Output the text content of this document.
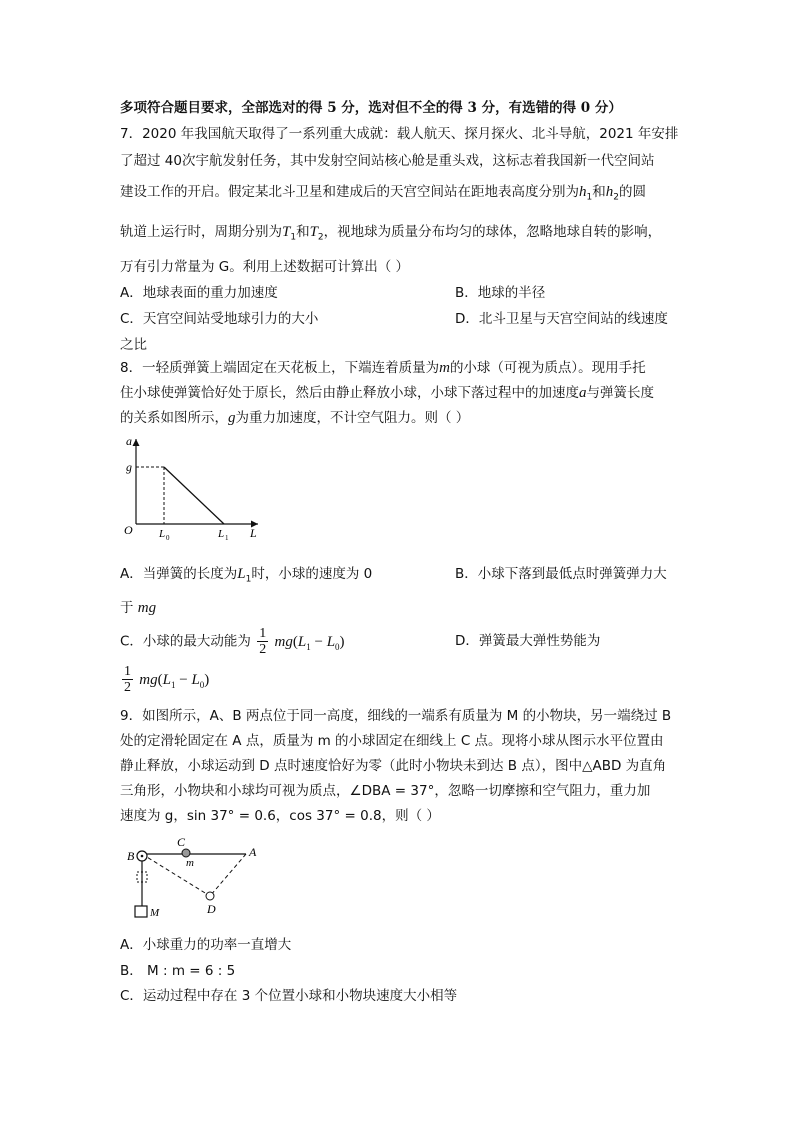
多项符合题目要求，全部选对的得 5 分，选对但不全的得 3 分，有选错的得 0 分）
7．2020 年我国航天取得了一系列重大成就：载人航天、探月探火、北斗导航，2021 年安排
了超过 40次宇航发射任务，其中发射空间站核心舱是重头戏，这标志着我国新一代空间站
建设工作的开启。假定某北斗卫星和建成后的天宫空间站在距地表高度分别为$h_1$和$h_2$的圆
轨道上运行时，周期分别为$T_1$和$T_2$，视地球为质量分布均匀的球体，忽略地球自转的影响，
万有引力常量为 G。利用上述数据可计算出（ ）
A．地球表面的重力加速度	B．地球的半径
C．天宫空间站受地球引力的大小	D．北斗卫星与天宫空间站的线速度
之比
8．一轻质弹簧上端固定在天花板上，下端连着质量为m的小球（可视为质点）。现用手托
住小球使弹簧恰好处于原长，然后由静止释放小球，小球下落过程中的加速度a与弹簧长度
的关系如图所示，g为重力加速度，不计空气阻力。则（ ）
a
g
O L 0	L 1 L
A．当弹簧的长度为$L_1$时，小球的速度为 0	B．小球下落到最低点时弹簧弹力大
于 mg
C．小球的最大动能为 $\frac{1}{2} mg(L_1 - L_0)$	D．弹簧最大弹性势能为
$\frac{1}{2} mg(L_1 - L_0)$
9．如图所示，A、B 两点位于同一高度，细线的一端系有质量为 M 的小物块，另一端绕过 B
处的定滑轮固定在 A 点，质量为 m 的小球固定在细线上 C 点。现将小球从图示水平位置由
静止释放，小球运动到 D 点时速度恰好为零（此时小物块未到达 B 点），图中△ABD 为直角
三角形，小物块和小球均可视为质点，∠DBA = 37°，忽略一切摩擦和空气阻力，重力加
速度为 g，sin 37° = 0.6，cos 37° = 0.8，则（ ）
B
C
m
A
D
M
A．小球重力的功率一直增大
B． M : m = 6 : 5
C．运动过程中存在 3 个位置小球和小物块速度大小相等
